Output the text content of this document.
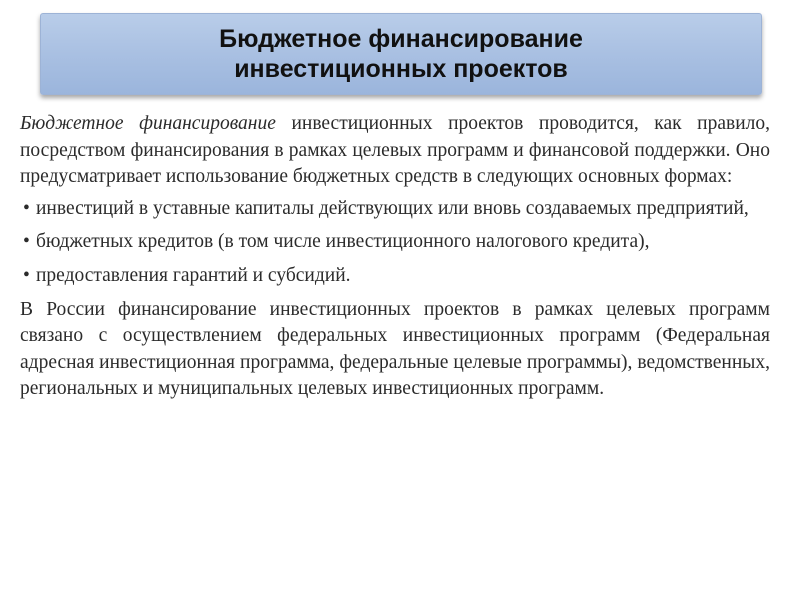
Бюджетное финансирование
инвестиционных проектов

Бюджетное финансирование инвестиционных проектов проводится, как правило, посредством финансирования в рамках целевых программ и финансовой поддержки. Оно предусматривает использование бюджетных средств в следующих основных формах:

• инвестиций в уставные капиталы действующих или вновь создаваемых предприятий,
• бюджетных кредитов (в том числе инвестиционного налогового кредита),
• предоставления гарантий и субсидий.

В России финансирование инвестиционных проектов в рамках целевых программ связано с осуществлением федеральных инвестиционных программ (Федеральная адресная инвестиционная программа, федеральные целевые программы), ведомственных, региональных и муниципальных целевых инвестиционных программ.
